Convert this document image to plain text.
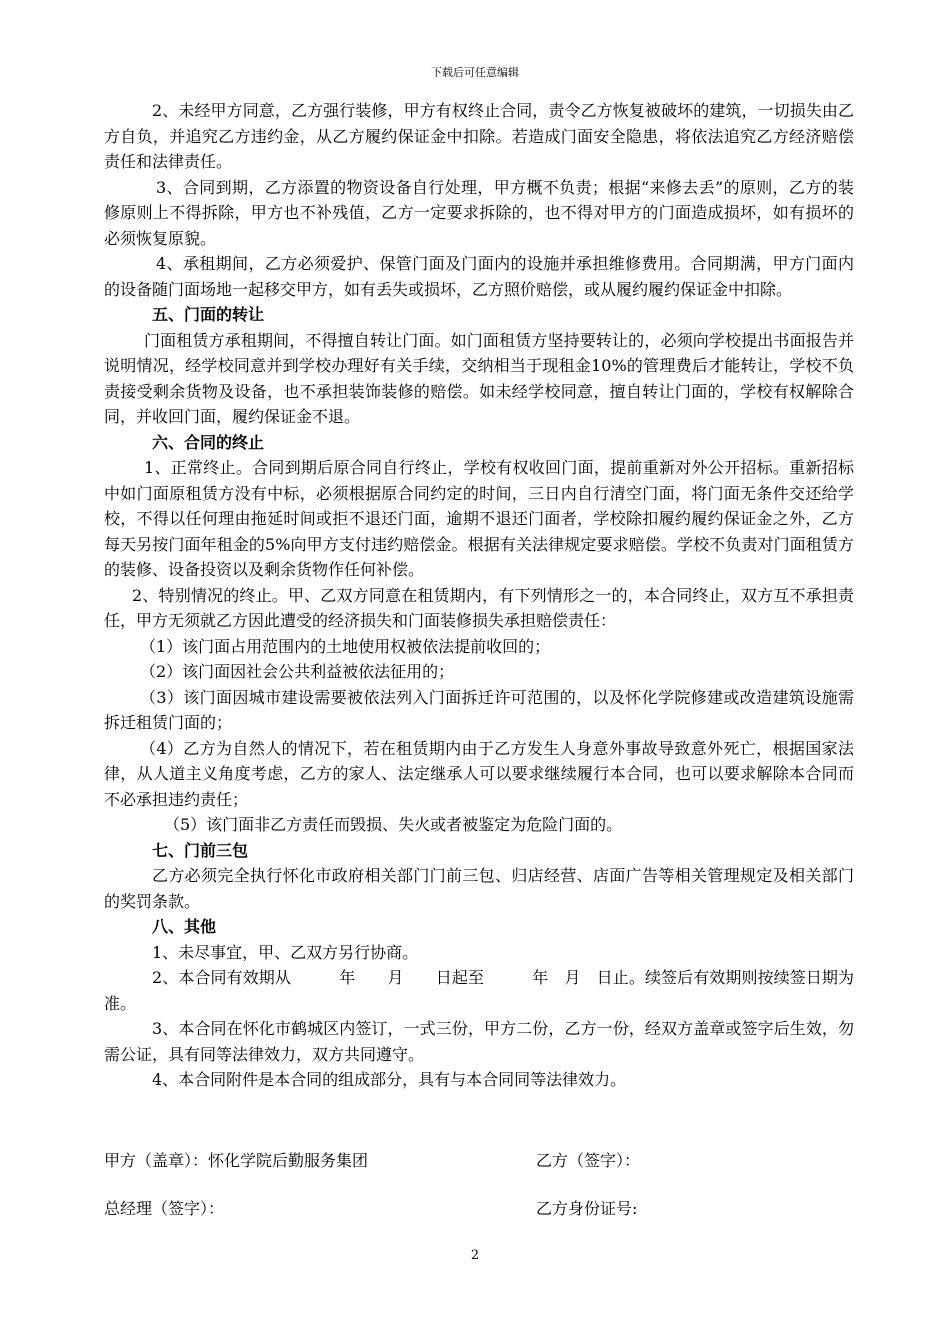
下载后可任意编辑

2、未经甲方同意，乙方强行装修，甲方有权终止合同，责令乙方恢复被破坏的建筑，一切损失由乙方自负，并追究乙方违约金，从乙方履约保证金中扣除。若造成门面安全隐患，将依法追究乙方经济赔偿责任和法律责任。

3、合同到期，乙方添置的物资设备自行处理，甲方概不负责；根据“来修去丢”的原则，乙方的装修原则上不得拆除，甲方也不补残值，乙方一定要求拆除的，也不得对甲方的门面造成损坏，如有损坏的必须恢复原貌。

4、承租期间，乙方必须爱护、保管门面及门面内的设施并承担维修费用。合同期满，甲方门面内的设备随门面场地一起移交甲方，如有丢失或损坏，乙方照价赔偿，或从履约履约保证金中扣除。

五、门面的转让

门面租赁方承租期间，不得擅自转让门面。如门面租赁方坚持要转让的，必须向学校提出书面报告并说明情况，经学校同意并到学校办理好有关手续，交纳相当于现租金10%的管理费后才能转让，学校不负责接受剩余货物及设备，也不承担装饰装修的赔偿。如未经学校同意，擅自转让门面的，学校有权解除合同，并收回门面，履约保证金不退。

六、合同的终止

1、正常终止。合同到期后原合同自行终止，学校有权收回门面，提前重新对外公开招标。重新招标中如门面原租赁方没有中标，必须根据原合同约定的时间，三日内自行清空门面，将门面无条件交还给学校，不得以任何理由拖延时间或拒不退还门面，逾期不退还门面者，学校除扣履约履约保证金之外，乙方每天另按门面年租金的5%向甲方支付违约赔偿金。根据有关法律规定要求赔偿。学校不负责对门面租赁方的装修、设备投资以及剩余货物作任何补偿。

2、特别情况的终止。甲、乙双方同意在租赁期内，有下列情形之一的，本合同终止，双方互不承担责任，甲方无须就乙方因此遭受的经济损失和门面装修损失承担赔偿责任：

（1）该门面占用范围内的土地使用权被依法提前收回的；

（2）该门面因社会公共利益被依法征用的；

（3）该门面因城市建设需要被依法列入门面拆迁许可范围的，以及怀化学院修建或改造建筑设施需拆迁租赁门面的；

（4）乙方为自然人的情况下，若在租赁期内由于乙方发生人身意外事故导致意外死亡，根据国家法律，从人道主义角度考虑，乙方的家人、法定继承人可以要求继续履行本合同，也可以要求解除本合同而不必承担违约责任；

（5）该门面非乙方责任而毁损、失火或者被鉴定为危险门面的。

七、门前三包

乙方必须完全执行怀化市政府相关部门门前三包、归店经营、店面广告等相关管理规定及相关部门的奖罚条款。

八、其他

1、未尽事宜，甲、乙双方另行协商。

2、本合同有效期从　　　年　　月　　日起至　　　年　月　日止。续签后有效期则按续签日期为准。

3、本合同在怀化市鹤城区内签订，一式三份，甲方二份，乙方一份，经双方盖章或签字后生效，勿需公证，具有同等法律效力，双方共同遵守。

4、本合同附件是本合同的组成部分，具有与本合同同等法律效力。

甲方（盖章）：怀化学院后勤服务集团	乙方（签字）：
总经理（签字）：	乙方身份证号:
2
